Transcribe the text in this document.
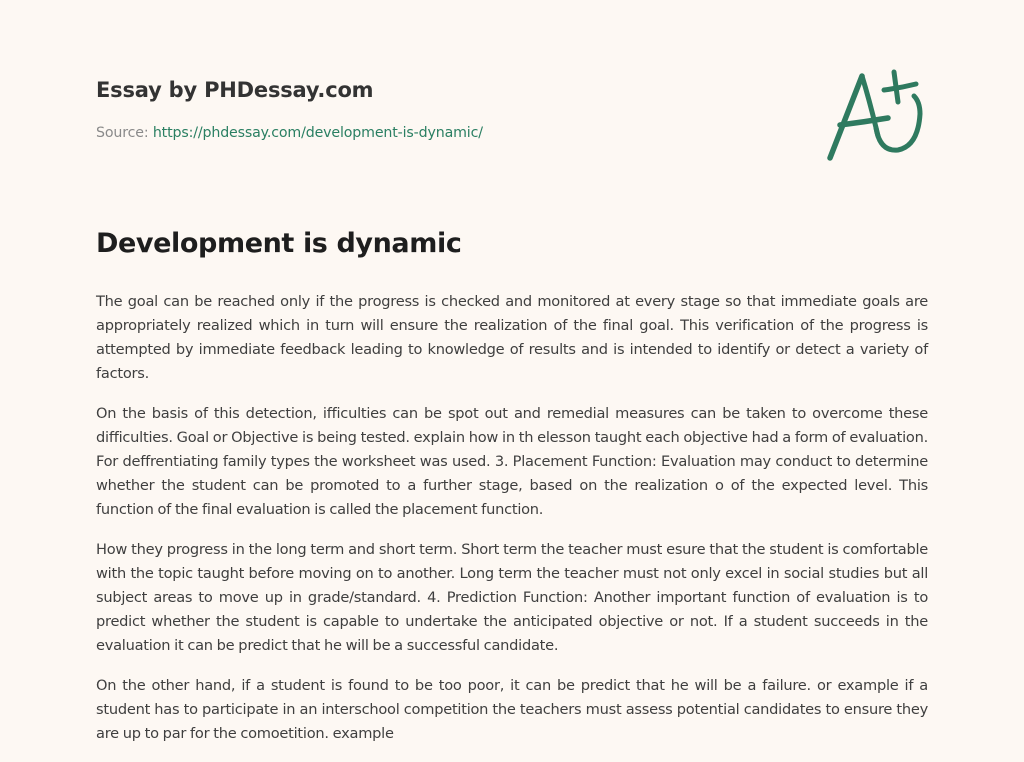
Essay by PHDessay.com
Source: https://phdessay.com/development-is-dynamic/
Development is dynamic

The goal can be reached only if the progress is checked and monitored at every stage so that immediate goals are appropriately realized which in turn will ensure the realization of the final goal. This verification of the progress is attempted by immediate feedback leading to knowledge of results and is intended to identify or detect a variety of factors.

On the basis of this detection, ifficulties can be spot out and remedial measures can be taken to overcome these difficulties. Goal or Objective is being tested. explain how in th elesson taught each objective had a form of evaluation. For deffrentiating family types the worksheet was used. 3. Placement Function: Evaluation may conduct to determine whether the student can be promoted to a further stage, based on the realization o of the expected level. This function of the final evaluation is called the placement function.

How they progress in the long term and short term. Short term the teacher must esure that the student is comfortable with the topic taught before moving on to another. Long term the teacher must not only excel in social studies but all subject areas to move up in grade/standard. 4. Prediction Function: Another important function of evaluation is to predict whether the student is capable to undertake the anticipated objective or not. If a student succeeds in the evaluation it can be predict that he will be a successful candidate.

On the other hand, if a student is found to be too poor, it can be predict that he will be a failure. or example if a student has to participate in an interschool competition the teachers must assess potential candidates to ensure they are up to par for the comoetition. example
